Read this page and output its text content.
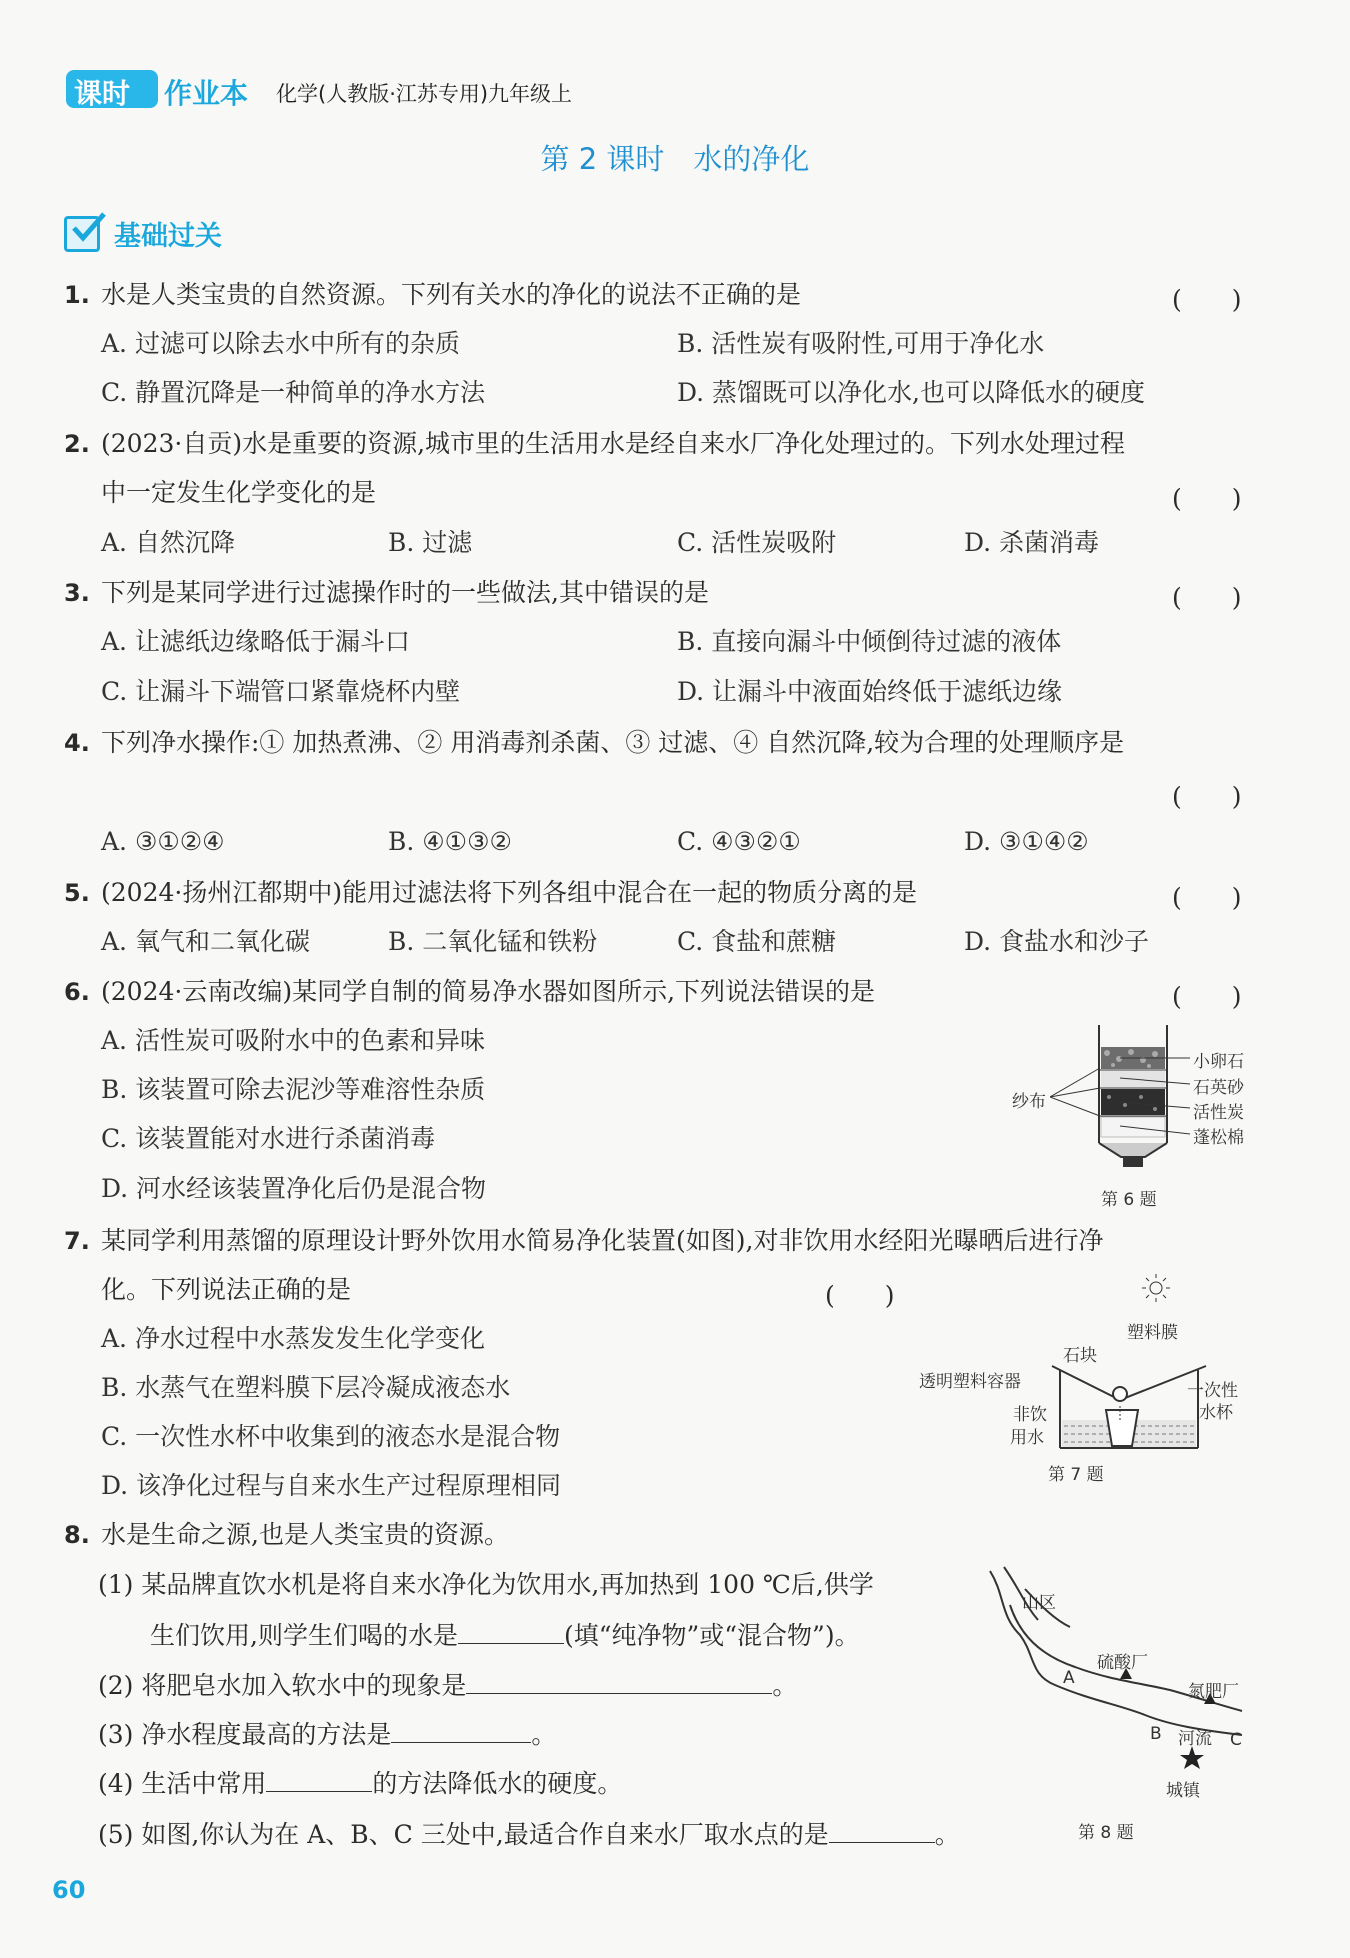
课时 作业本 化学(人教版·江苏专用)九年级上
第 2 课时　水的净化
基础过关
1. 水是人类宝贵的自然资源。下列有关水的净化的说法不正确的是	(　　)
A. 过滤可以除去水中所有的杂质	B. 活性炭有吸附性,可用于净化水
C. 静置沉降是一种简单的净水方法	D. 蒸馏既可以净化水,也可以降低水的硬度
2. (2023·自贡)水是重要的资源,城市里的生活用水是经自来水厂净化处理过的。下列水处理过程
中一定发生化学变化的是	(　　)
A. 自然沉降	B. 过滤	C. 活性炭吸附	D. 杀菌消毒
3. 下列是某同学进行过滤操作时的一些做法,其中错误的是	(　　)
A. 让滤纸边缘略低于漏斗口	B. 直接向漏斗中倾倒待过滤的液体
C. 让漏斗下端管口紧靠烧杯内壁	D. 让漏斗中液面始终低于滤纸边缘
4. 下列净水操作:① 加热煮沸、② 用消毒剂杀菌、③ 过滤、④ 自然沉降,较为合理的处理顺序是
(　　)
A. ③①②④	B. ④①③②	C. ④③②①	D. ③①④②
5. (2024·扬州江都期中)能用过滤法将下列各组中混合在一起的物质分离的是	(　　)
A. 氧气和二氧化碳	B. 二氧化锰和铁粉	C. 食盐和蔗糖	D. 食盐水和沙子
6. (2024·云南改编)某同学自制的简易净水器如图所示,下列说法错误的是	(　　)
A. 活性炭可吸附水中的色素和异味
B. 该装置可除去泥沙等难溶性杂质
C. 该装置能对水进行杀菌消毒
D. 河水经该装置净化后仍是混合物
小卵石
石英砂
活性炭
蓬松棉
纱布
第 6 题
7. 某同学利用蒸馏的原理设计野外饮用水简易净化装置(如图),对非饮用水经阳光曝晒后进行净
化。下列说法正确的是	(　　)
A. 净水过程中水蒸发发生化学变化
B. 水蒸气在塑料膜下层冷凝成液态水
C. 一次性水杯中收集到的液态水是混合物
D. 该净化过程与自来水生产过程原理相同
塑料膜
石块
透明塑料容器	一次性
水杯
非饮
用水
第 7 题
8. 水是生命之源,也是人类宝贵的资源。
(1) 某品牌直饮水机是将自来水净化为饮用水,再加热到 100 ℃后,供学
生们饮用,则学生们喝的水是	(填“纯净物”或“混合物”)。
(2) 将肥皂水加入软水中的现象是	。
(3) 净水程度最高的方法是	。
(4) 生活中常用	的方法降低水的硬度。
(5) 如图,你认为在 A、B、C 三处中,最适合作自来水厂取水点的是	。
山区
硫酸厂
A
氮肥厂
B 河流 C
城镇
第 8 题
60
